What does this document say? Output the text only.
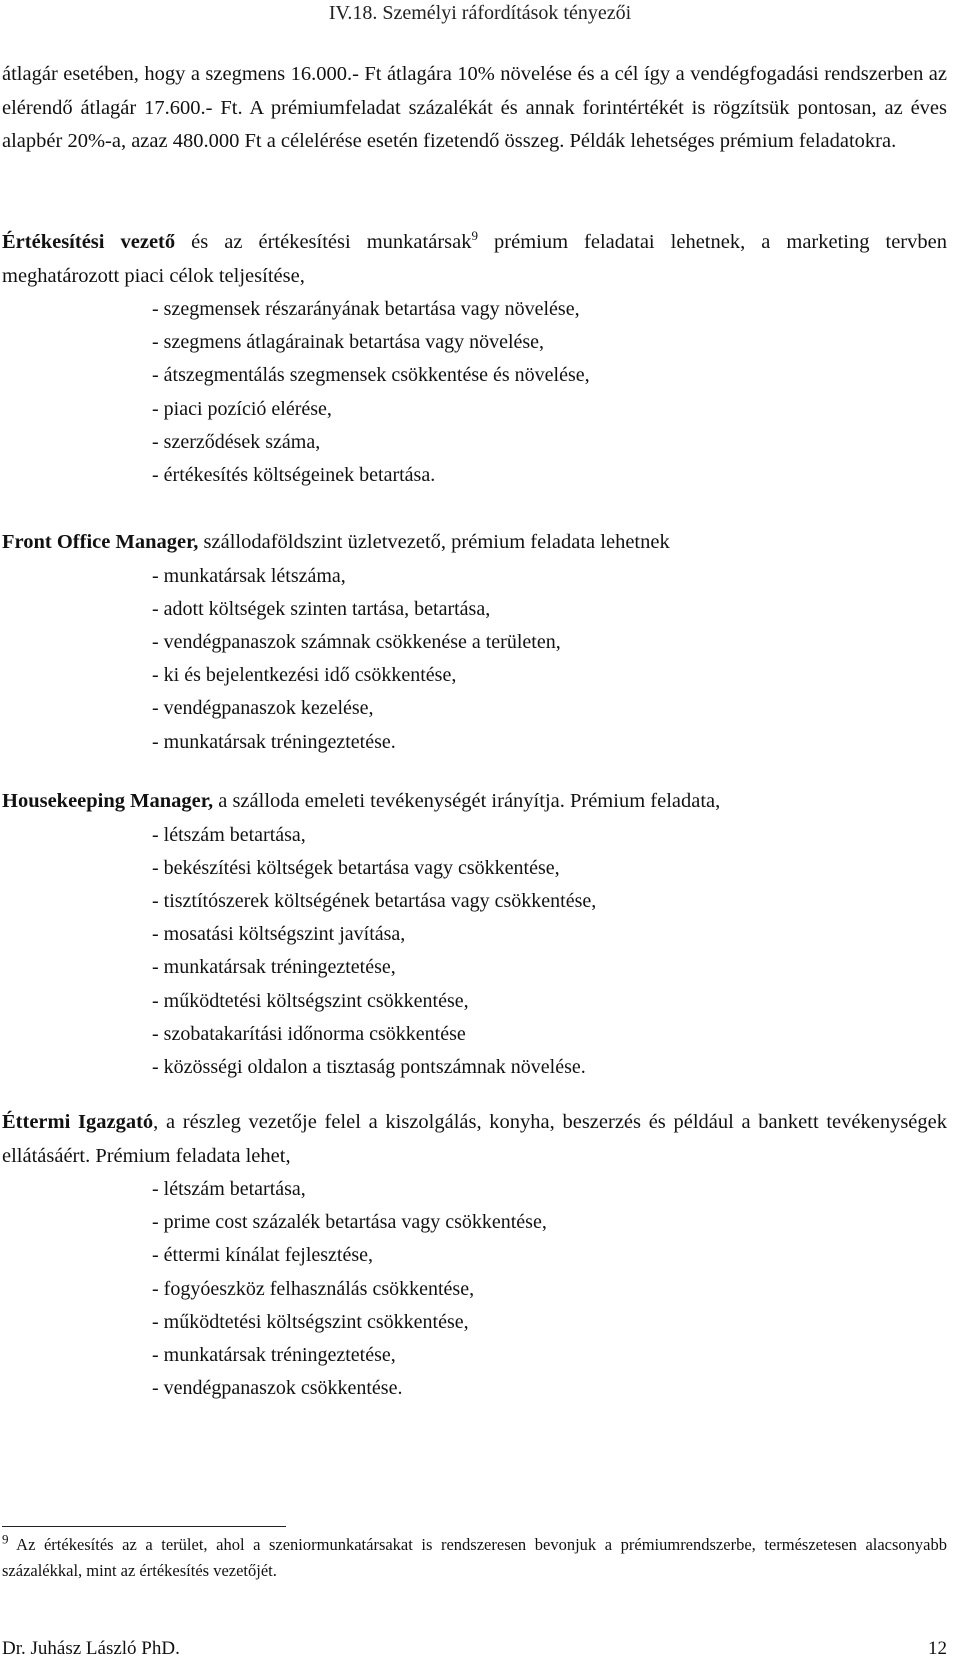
IV.18. Személyi ráfordítások tényezői

átlagár esetében, hogy a szegmens 16.000.- Ft átlagára 10% növelése és a cél így a vendégfogadási rendszerben az elérendő átlagár 17.600.- Ft. A prémiumfeladat százalékát és annak forintértékét is rögzítsük pontosan, az éves alapbér 20%-a, azaz 480.000 Ft a célelérése esetén fizetendő összeg. Példák lehetséges prémium feladatokra.

Értékesítési vezető és az értékesítési munkatársak$^9$ prémium feladatai lehetnek, a marketing tervben meghatározott piaci célok teljesítése,

- szegmensek részarányának betartása vagy növelése,
- szegmens átlagárainak betartása vagy növelése,
- átszegmentálás szegmensek csökkentése és növelése,
- piaci pozíció elérése,
- szerződések száma,
- értékesítés költségeinek betartása.

Front Office Manager, szállodaföldszint üzletvezető, prémium feladata lehetnek

- munkatársak létszáma,
- adott költségek szinten tartása, betartása,
- vendégpanaszok számnak csökkenése a területen,
- ki és bejelentkezési idő csökkentése,
- vendégpanaszok kezelése,
- munkatársak tréningeztetése.

Housekeeping Manager, a szálloda emeleti tevékenységét irányítja. Prémium feladata,

- létszám betartása,
- bekészítési költségek betartása vagy csökkentése,
- tisztítószerek költségének betartása vagy csökkentése,
- mosatási költségszint javítása,
- munkatársak tréningeztetése,
- működtetési költségszint csökkentése,
- szobatakarítási időnorma csökkentése
- közösségi oldalon a tisztaság pontszámnak növelése.

Éttermi Igazgató, a részleg vezetője felel a kiszolgálás, konyha, beszerzés és például a bankett tevékenységek ellátásáért. Prémium feladata lehet,

- létszám betartása,
- prime cost százalék betartása vagy csökkentése,
- éttermi kínálat fejlesztése,
- fogyóeszköz felhasználás csökkentése,
- működtetési költségszint csökkentése,
- munkatársak tréningeztetése,
- vendégpanaszok csökkentése.
$^9$ Az értékesítés az a terület, ahol a szeniormunkatársakat is rendszeresen bevonjuk a prémiumrendszerbe, természetesen alacsonyabb százalékkal, mint az értékesítés vezetőjét.
Dr. Juhász László PhD.	12
